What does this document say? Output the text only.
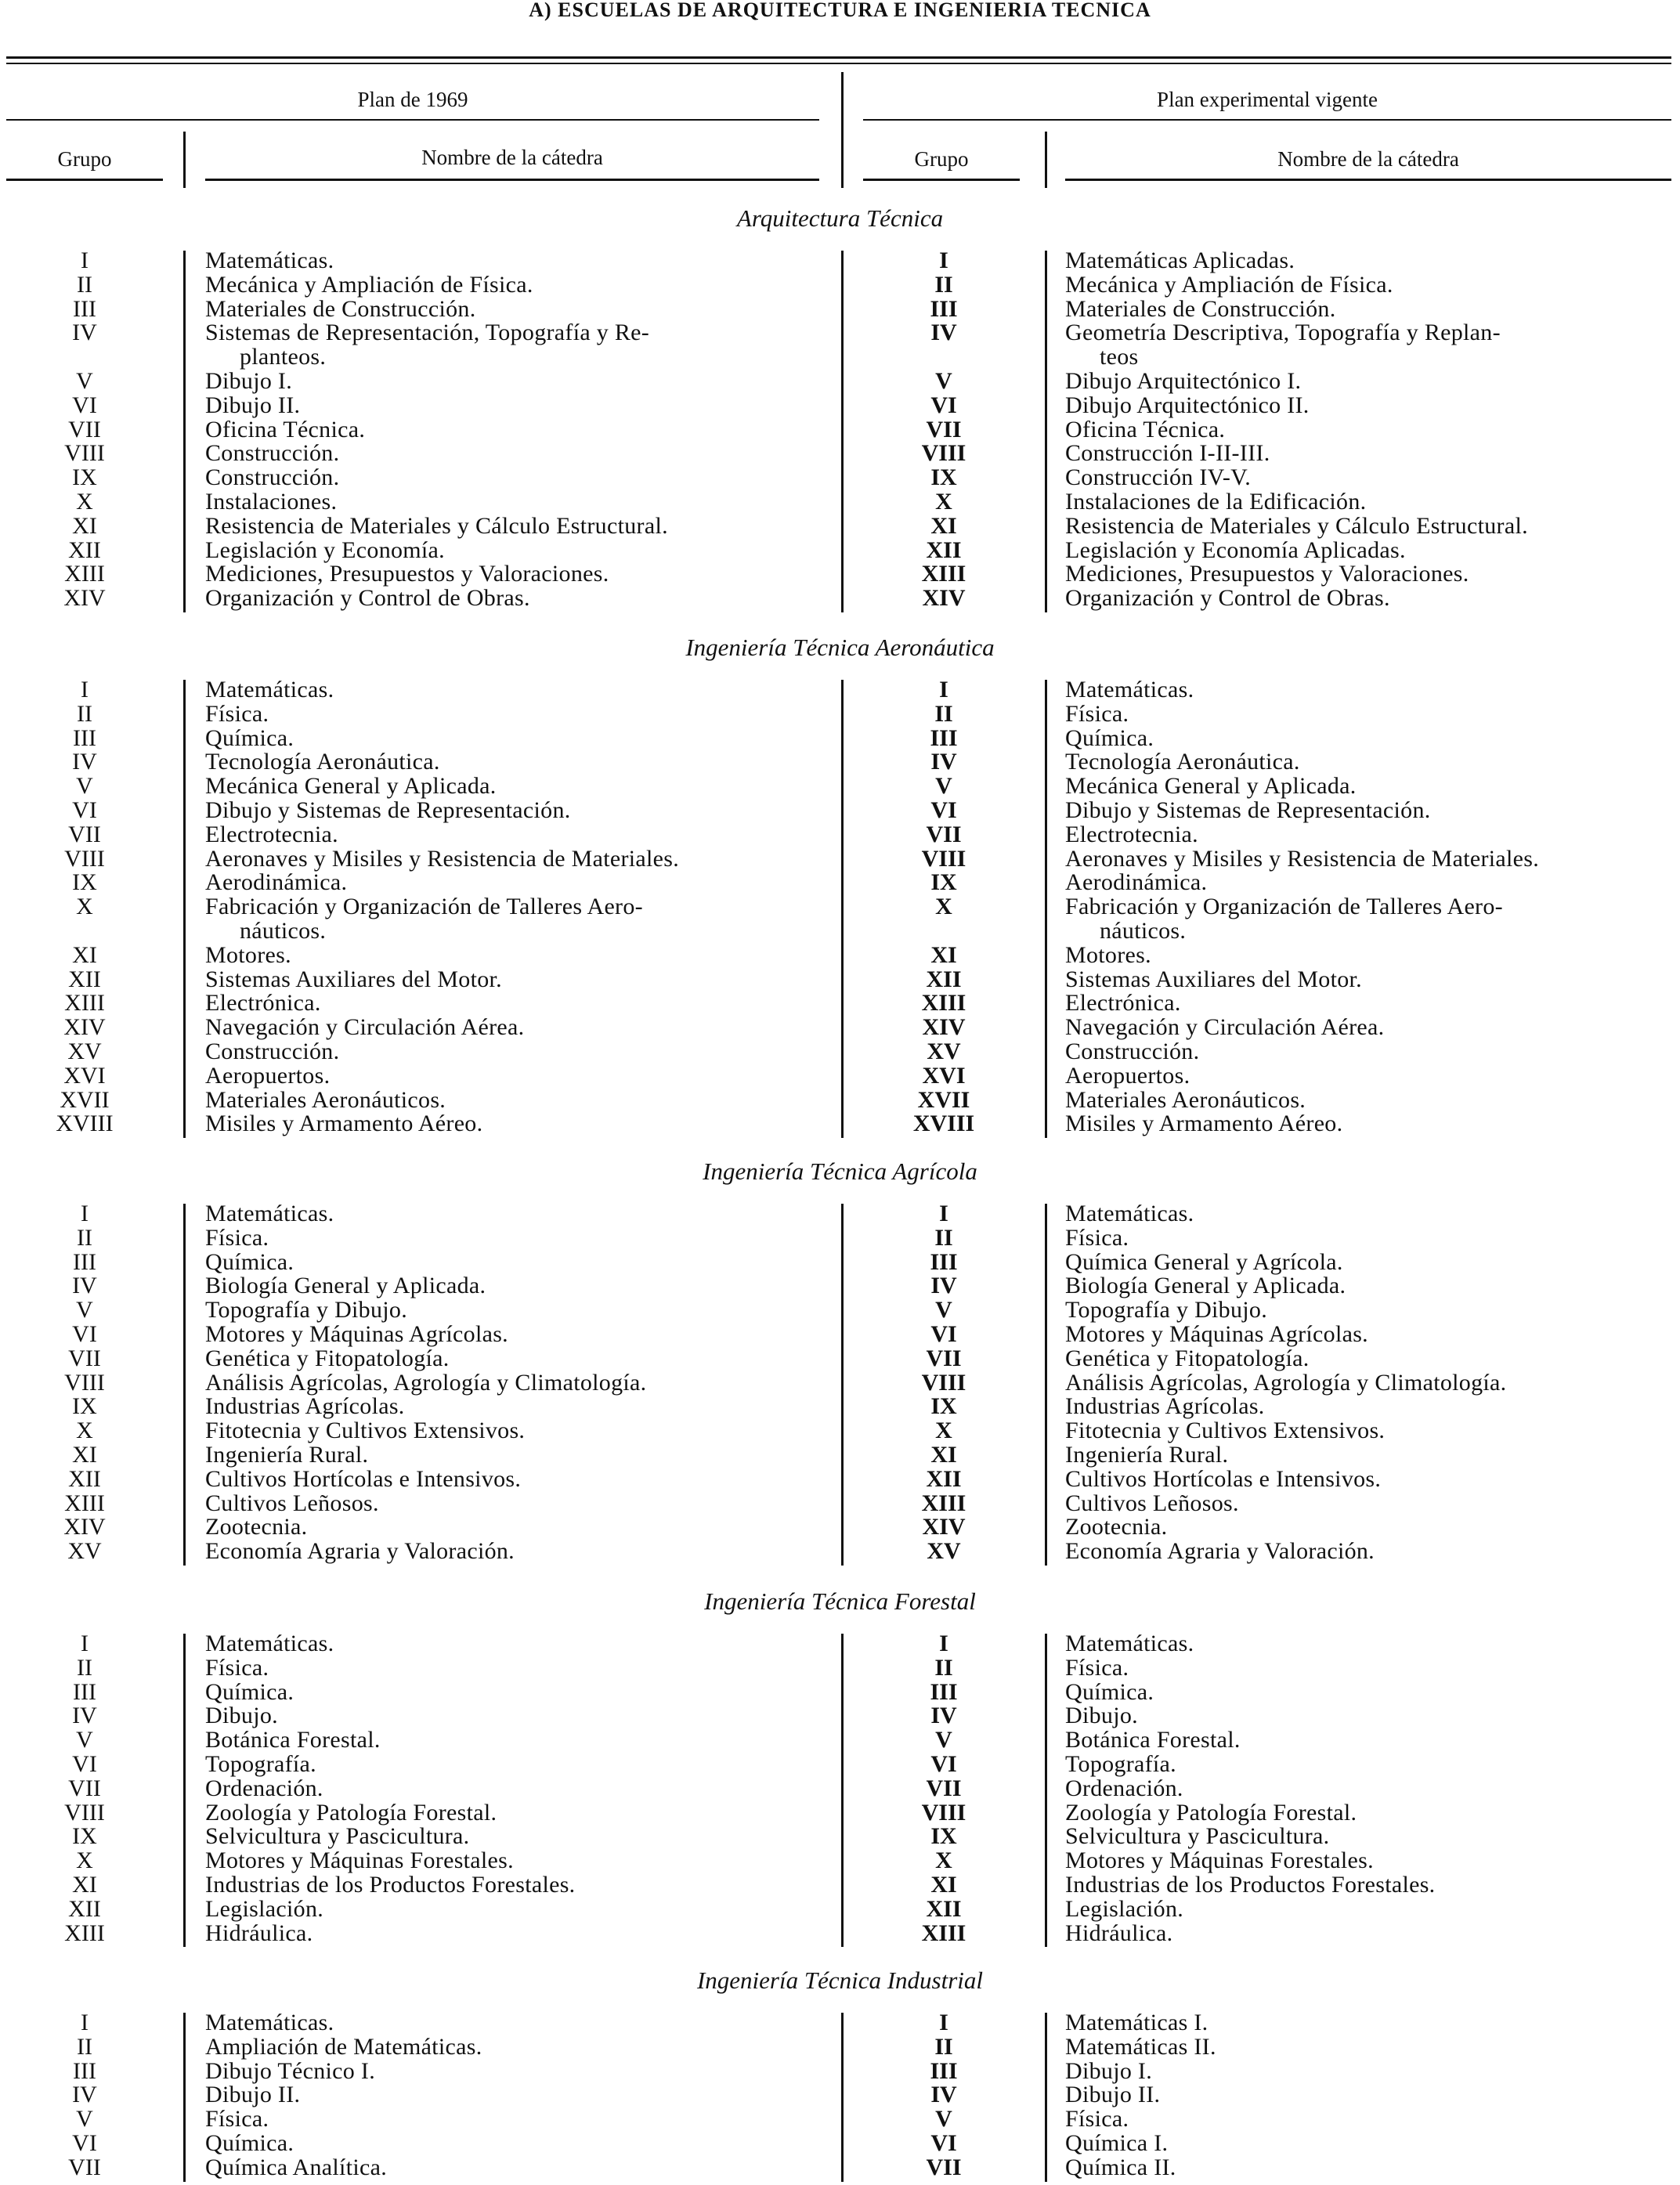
A) ESCUELAS DE ARQUITECTURA E INGENIERIA TECNICA
Plan de 1969	Plan experimental vigente
Grupo	Nombre de la cátedra	Grupo	Nombre de la cátedra
Arquitectura Técnica
I	Matemáticas.	I	Matemáticas Aplicadas.
II	Mecánica y Ampliación de Física.	II	Mecánica y Ampliación de Física.
III	Materiales de Construcción.	III	Materiales de Construcción.
IV	Sistemas de Representación, Topografía y Re-	IV	Geometría Descriptiva, Topografía y Replan-
planteos.	teos
V	Dibujo I.	V	Dibujo Arquitectónico I.
VI	Dibujo II.	VI	Dibujo Arquitectónico II.
VII	Oficina Técnica.	VII	Oficina Técnica.
VIII	Construcción.	VIII	Construcción I-II-III.
IX	Construcción.	IX	Construcción IV-V.
X	Instalaciones.	X	Instalaciones de la Edificación.
XI	Resistencia de Materiales y Cálculo Estructural.	XI	Resistencia de Materiales y Cálculo Estructural.
XII	Legislación y Economía.	XII	Legislación y Economía Aplicadas.
XIII	Mediciones, Presupuestos y Valoraciones.	XIII	Mediciones, Presupuestos y Valoraciones.
XIV	Organización y Control de Obras.	XIV	Organización y Control de Obras.
Ingeniería Técnica Aeronáutica
I	Matemáticas.	I	Matemáticas.
II	Física.	II	Física.
III	Química.	III	Química.
IV	Tecnología Aeronáutica.	IV	Tecnología Aeronáutica.
V	Mecánica General y Aplicada.	V	Mecánica General y Aplicada.
VI	Dibujo y Sistemas de Representación.	VI	Dibujo y Sistemas de Representación.
VII	Electrotecnia.	VII	Electrotecnia.
VIII	Aeronaves y Misiles y Resistencia de Materiales.	VIII	Aeronaves y Misiles y Resistencia de Materiales.
IX	Aerodinámica.	IX	Aerodinámica.
X	Fabricación y Organización de Talleres Aero-	X	Fabricación y Organización de Talleres Aero-
náuticos.	náuticos.
XI	Motores.	XI	Motores.
XII	Sistemas Auxiliares del Motor.	XII	Sistemas Auxiliares del Motor.
XIII	Electrónica.	XIII	Electrónica.
XIV	Navegación y Circulación Aérea.	XIV	Navegación y Circulación Aérea.
XV	Construcción.	XV	Construcción.
XVI	Aeropuertos.	XVI	Aeropuertos.
XVII	Materiales Aeronáuticos.	XVII	Materiales Aeronáuticos.
XVIII	Misiles y Armamento Aéreo.	XVIII	Misiles y Armamento Aéreo.
Ingeniería Técnica Agrícola
I	Matemáticas.	I	Matemáticas.
II	Física.	II	Física.
III	Química.	III	Química General y Agrícola.
IV	Biología General y Aplicada.	IV	Biología General y Aplicada.
V	Topografía y Dibujo.	V	Topografía y Dibujo.
VI	Motores y Máquinas Agrícolas.	VI	Motores y Máquinas Agrícolas.
VII	Genética y Fitopatología.	VII	Genética y Fitopatología.
VIII	Análisis Agrícolas, Agrología y Climatología.	VIII	Análisis Agrícolas, Agrología y Climatología.
IX	Industrias Agrícolas.	IX	Industrias Agrícolas.
X	Fitotecnia y Cultivos Extensivos.	X	Fitotecnia y Cultivos Extensivos.
XI	Ingeniería Rural.	XI	Ingeniería Rural.
XII	Cultivos Hortícolas e Intensivos.	XII	Cultivos Hortícolas e Intensivos.
XIII	Cultivos Leñosos.	XIII	Cultivos Leñosos.
XIV	Zootecnia.	XIV	Zootecnia.
XV	Economía Agraria y Valoración.	XV	Economía Agraria y Valoración.
Ingeniería Técnica Forestal
I	Matemáticas.	I	Matemáticas.
II	Física.	II	Física.
III	Química.	III	Química.
IV	Dibujo.	IV	Dibujo.
V	Botánica Forestal.	V	Botánica Forestal.
VI	Topografía.	VI	Topografía.
VII	Ordenación.	VII	Ordenación.
VIII	Zoología y Patología Forestal.	VIII	Zoología y Patología Forestal.
IX	Selvicultura y Pascicultura.	IX	Selvicultura y Pascicultura.
X	Motores y Máquinas Forestales.	X	Motores y Máquinas Forestales.
XI	Industrias de los Productos Forestales.	XI	Industrias de los Productos Forestales.
XII	Legislación.	XII	Legislación.
XIII	Hidráulica.	XIII	Hidráulica.
Ingeniería Técnica Industrial
I	Matemáticas.	I	Matemáticas I.
II	Ampliación de Matemáticas.	II	Matemáticas II.
III	Dibujo Técnico I.	III	Dibujo I.
IV	Dibujo II.	IV	Dibujo II.
V	Física.	V	Física.
VI	Química.	VI	Química I.
VII	Química Analítica.	VII	Química II.
